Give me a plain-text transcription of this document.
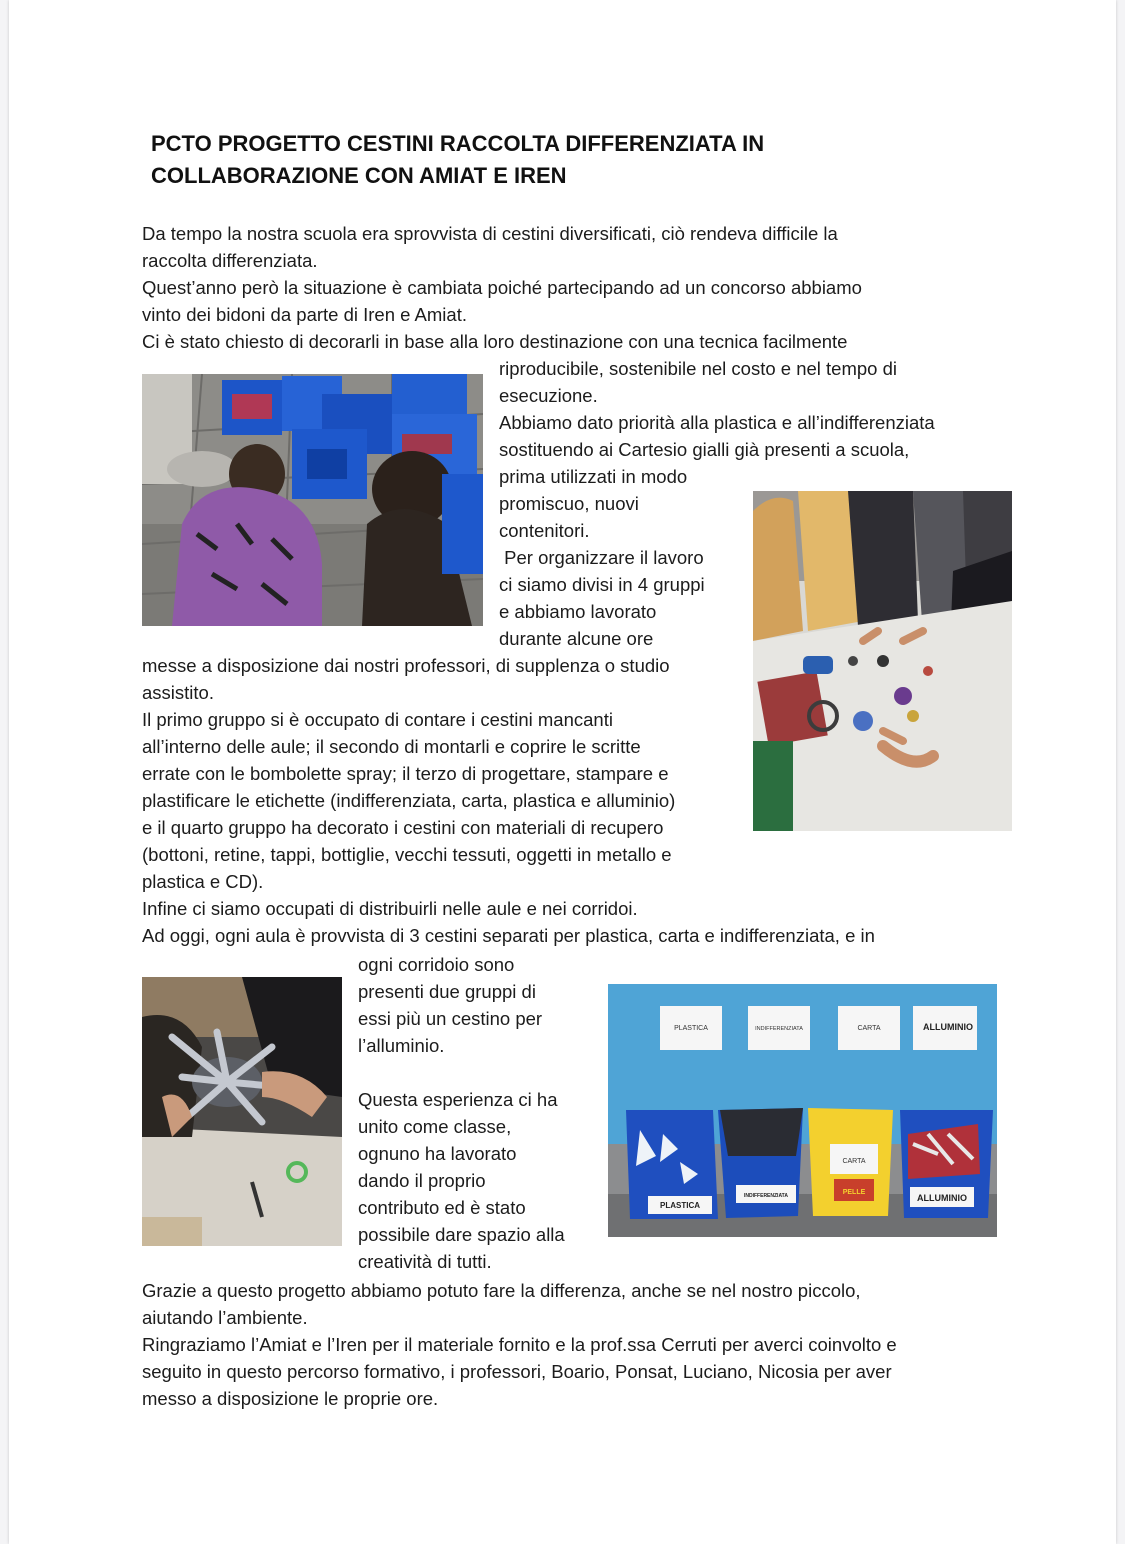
PCTO PROGETTO CESTINI RACCOLTA DIFFERENZIATA IN
COLLABORAZIONE CON AMIAT E IREN

Da tempo la nostra scuola era sprovvista di cestini diversificati, ciò rendeva difficile la

raccolta differenziata.

Quest’anno però la situazione è cambiata poiché partecipando ad un concorso abbiamo

vinto dei bidoni da parte di Iren e Amiat.

Ci è stato chiesto di decorarli in base alla loro destinazione con una tecnica facilmente

riproducibile, sostenibile nel costo e nel tempo di

esecuzione.

Abbiamo dato priorità alla plastica e all’indifferenziata

sostituendo ai Cartesio gialli già presenti a scuola,

prima utilizzati in modo

promiscuo, nuovi

contenitori.

Per organizzare il lavoro

ci siamo divisi in 4 gruppi

e abbiamo lavorato

durante alcune ore

messe a disposizione dai nostri professori, di supplenza o studio

assistito.

Il primo gruppo si è occupato di contare i cestini mancanti

all’interno delle aule; il secondo di montarli e coprire le scritte

errate con le bombolette spray; il terzo di progettare, stampare e

plastificare le etichette (indifferenziata, carta, plastica e alluminio)

e il quarto gruppo ha decorato i cestini con materiali di recupero

(bottoni, retine, tappi, bottiglie, vecchi tessuti, oggetti in metallo e

plastica e CD).

Infine ci siamo occupati di distribuirli nelle aule e nei corridoi.

Ad oggi, ogni aula è provvista di 3 cestini separati per plastica, carta e indifferenziata, e in

ogni corridoio sono

presenti due gruppi di

essi più un cestino per

l’alluminio.

Questa esperienza ci ha

unito come classe,

ognuno ha lavorato

dando il proprio

contributo ed è stato

possibile dare spazio alla

creatività di tutti.

Grazie a questo progetto abbiamo potuto fare la differenza, anche se nel nostro piccolo,

aiutando l’ambiente.

Ringraziamo l’Amiat e l’Iren per il materiale fornito e la prof.ssa Cerruti per averci coinvolto e

seguito in questo percorso formativo, i professori, Boario, Ponsat, Luciano, Nicosia per aver

messo a disposizione le proprie ore.

PLASTICA	INDIFFERENZIATA	CARTA	ALLUMINIO
PLASTICA
INDIFFERENZIATA
CARTA
PELLE
ALLUMINIO
